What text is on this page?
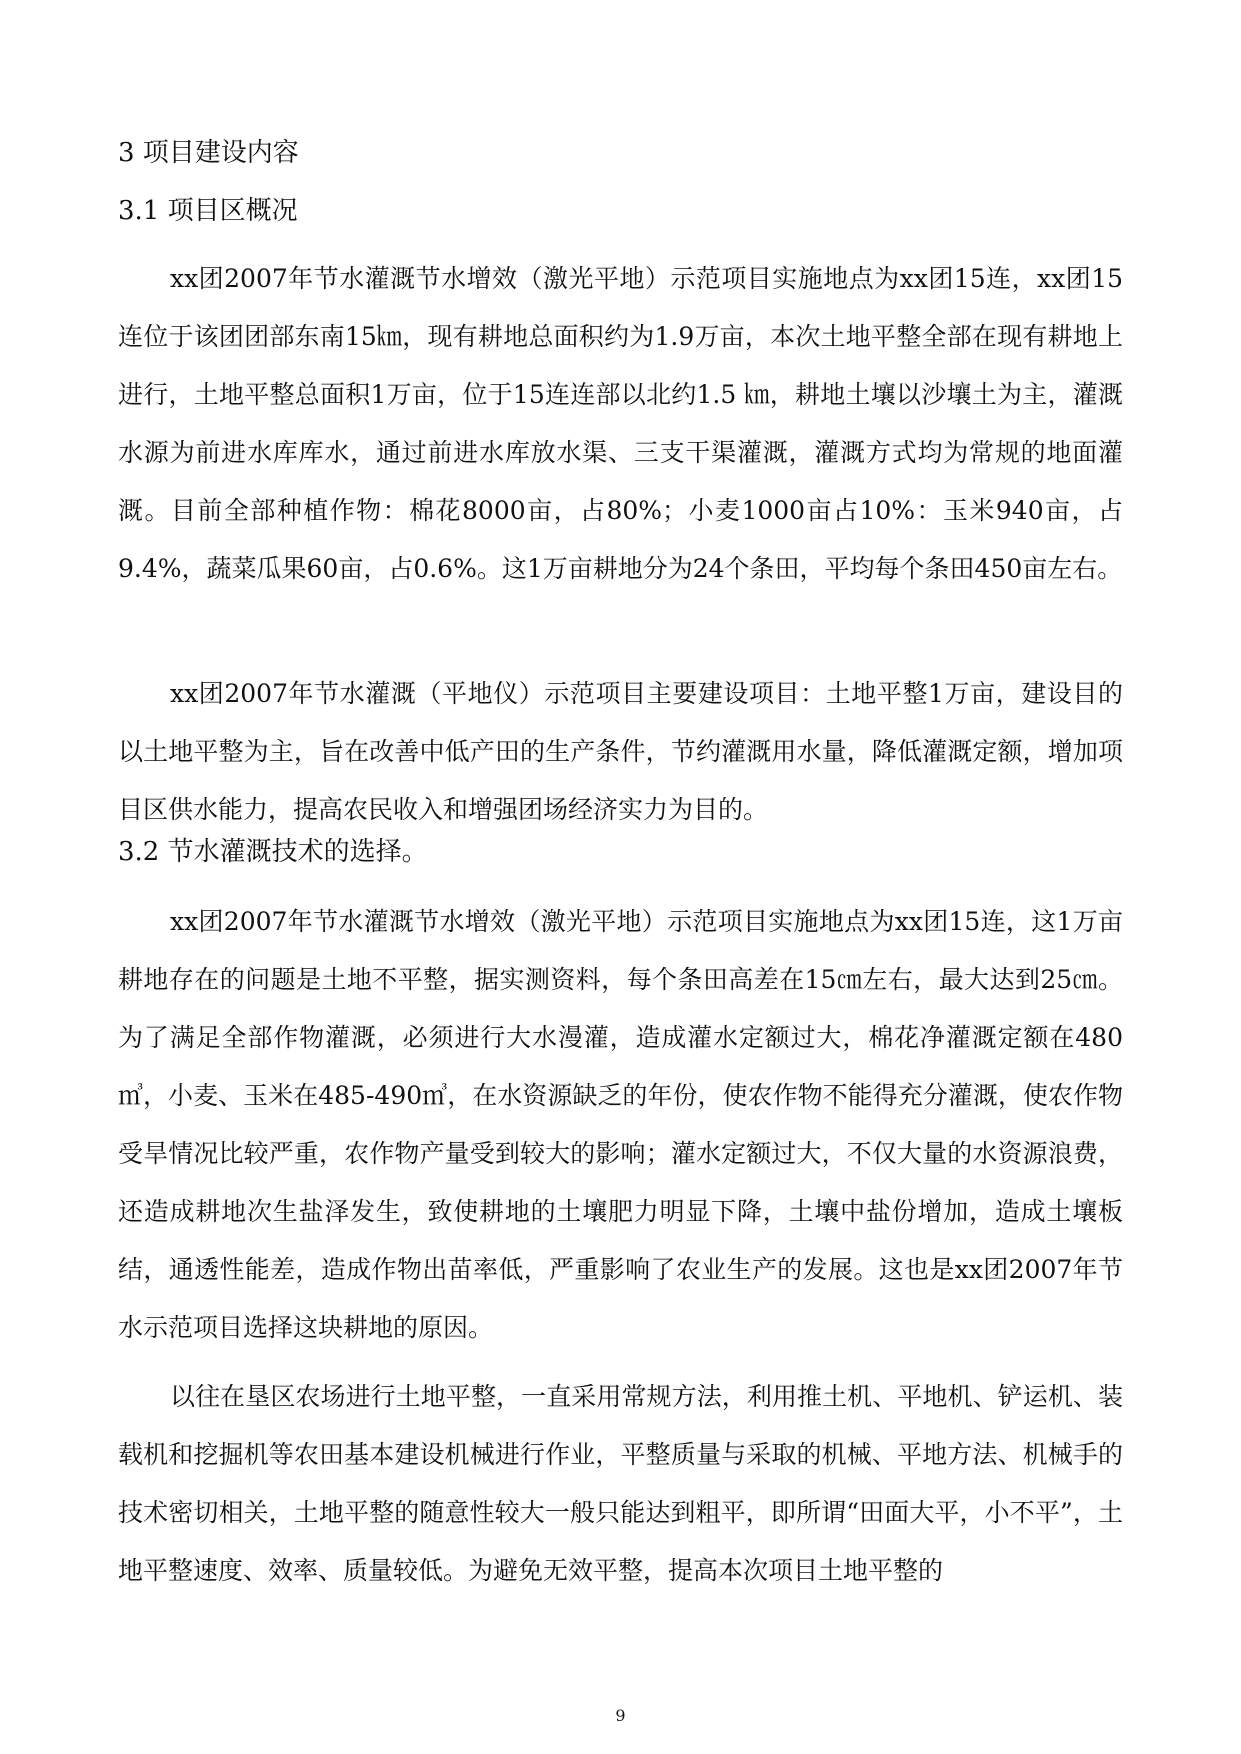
3 项目建设内容
3.1 项目区概况

xx团2007年节水灌溉节水增效（激光平地）示范项目实施地点为xx团15连，xx团15连位于该团团部东南15㎞，现有耕地总面积约为1.9万亩，本次土地平整全部在现有耕地上进行，土地平整总面积1万亩，位于15连连部以北约1.5 ㎞，耕地土壤以沙壤土为主，灌溉水源为前进水库库水，通过前进水库放水渠、三支干渠灌溉，灌溉方式均为常规的地面灌溉。目前全部种植作物：棉花8000亩，占80%；小麦1000亩占10%：玉米940亩，占9.4%，蔬菜瓜果60亩，占0.6%。这1万亩耕地分为24个条田，平均每个条田450亩左右。

xx团2007年节水灌溉（平地仪）示范项目主要建设项目：土地平整1万亩，建设目的以土地平整为主，旨在改善中低产田的生产条件，节约灌溉用水量，降低灌溉定额，增加项目区供水能力，提高农民收入和增强团场经济实力为目的。

3.2 节水灌溉技术的选择。

xx团2007年节水灌溉节水增效（激光平地）示范项目实施地点为xx团15连，这1万亩耕地存在的问题是土地不平整，据实测资料，每个条田高差在15㎝左右，最大达到25㎝。为了满足全部作物灌溉，必须进行大水漫灌，造成灌水定额过大，棉花净灌溉定额在480㎥，小麦、玉米在485-490㎥，在水资源缺乏的年份，使农作物不能得充分灌溉，使农作物受旱情况比较严重，农作物产量受到较大的影响；灌水定额过大，不仅大量的水资源浪费，还造成耕地次生盐泽发生，致使耕地的土壤肥力明显下降，土壤中盐份增加，造成土壤板结，通透性能差，造成作物出苗率低，严重影响了农业生产的发展。这也是xx团2007年节水示范项目选择这块耕地的原因。

以往在垦区农场进行土地平整，一直采用常规方法，利用推土机、平地机、铲运机、装载机和挖掘机等农田基本建设机械进行作业，平整质量与采取的机械、平地方法、机械手的技术密切相关，土地平整的随意性较大一般只能达到粗平，即所谓“田面大平，小不平”，土地平整速度、效率、质量较低。为避免无效平整，提高本次项目土地平整的

9
